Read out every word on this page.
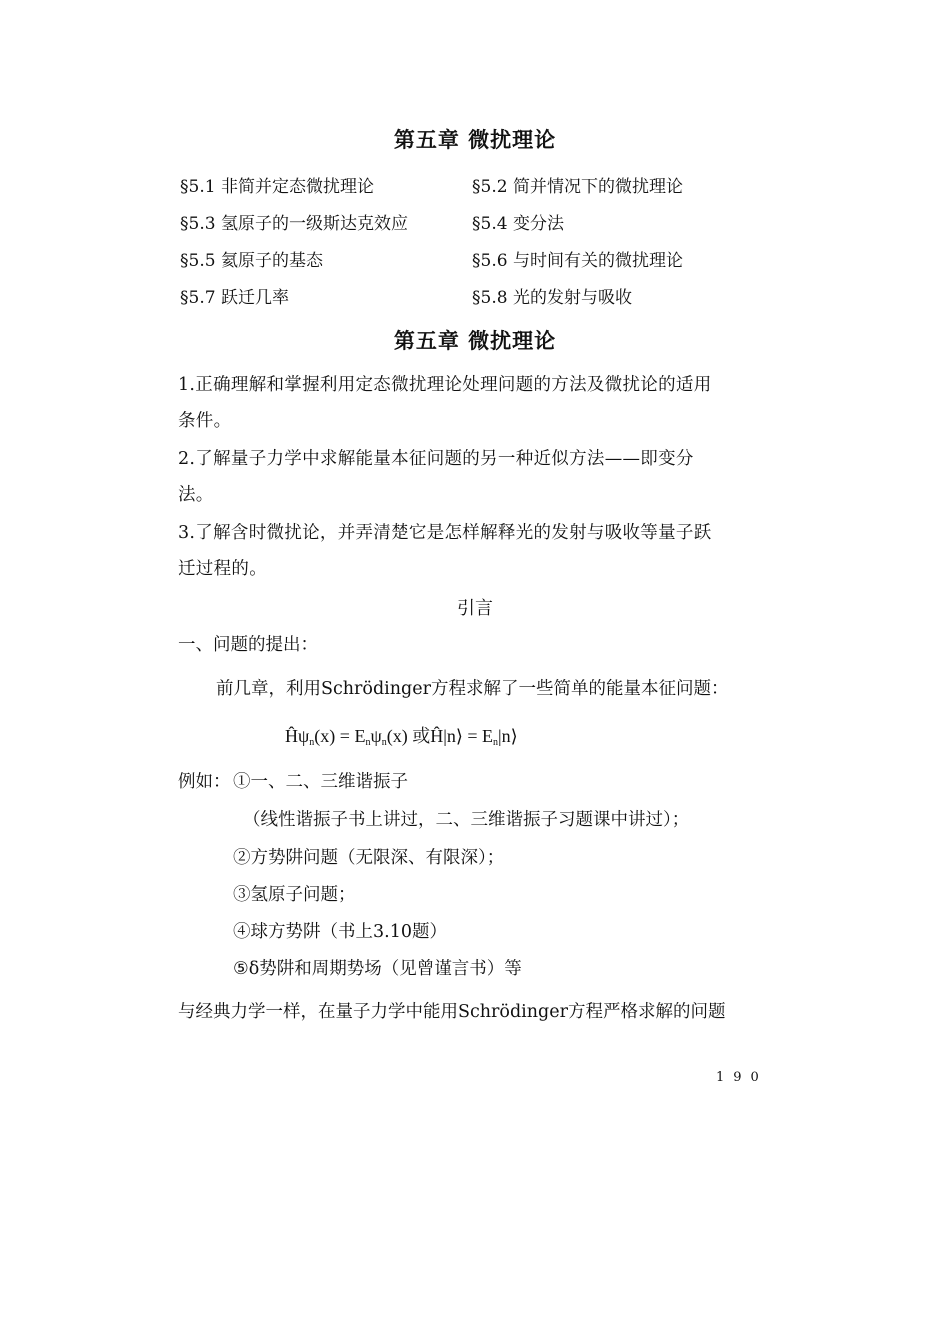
第五章 微扰理论
§5.1 非简并定态微扰理论	§5.2 简并情况下的微扰理论
§5.3 氢原子的一级斯达克效应	§5.4 变分法
§5.5 氦原子的基态	§5.6 与时间有关的微扰理论
§5.7 跃迁几率	§5.8 光的发射与吸收
第五章 微扰理论
1.正确理解和掌握利用定态微扰理论处理问题的方法及微扰论的适用
条件。
2.了解量子力学中求解能量本征问题的另一种近似方法——即变分
法。
3.了解含时微扰论，并弄清楚它是怎样解释光的发射与吸收等量子跃
迁过程的。
引言
一、问题的提出：
前几章，利用Schrödinger方程求解了一些简单的能量本征问题：
$Ĥ\psi_n(x) = E_n\psi_n(x)$ 或Ĥ|n⟩ = $E_n|n⟩$
例如： ①一、二、三维谐振子
（线性谐振子书上讲过，二、三维谐振子习题课中讲过）；
②方势阱问题（无限深、有限深）；
③氢原子问题；
④球方势阱（书上3.10题）
⑤δ势阱和周期势场（见曾谨言书）等
与经典力学一样，在量子力学中能用Schrödinger方程严格求解的问题
190
